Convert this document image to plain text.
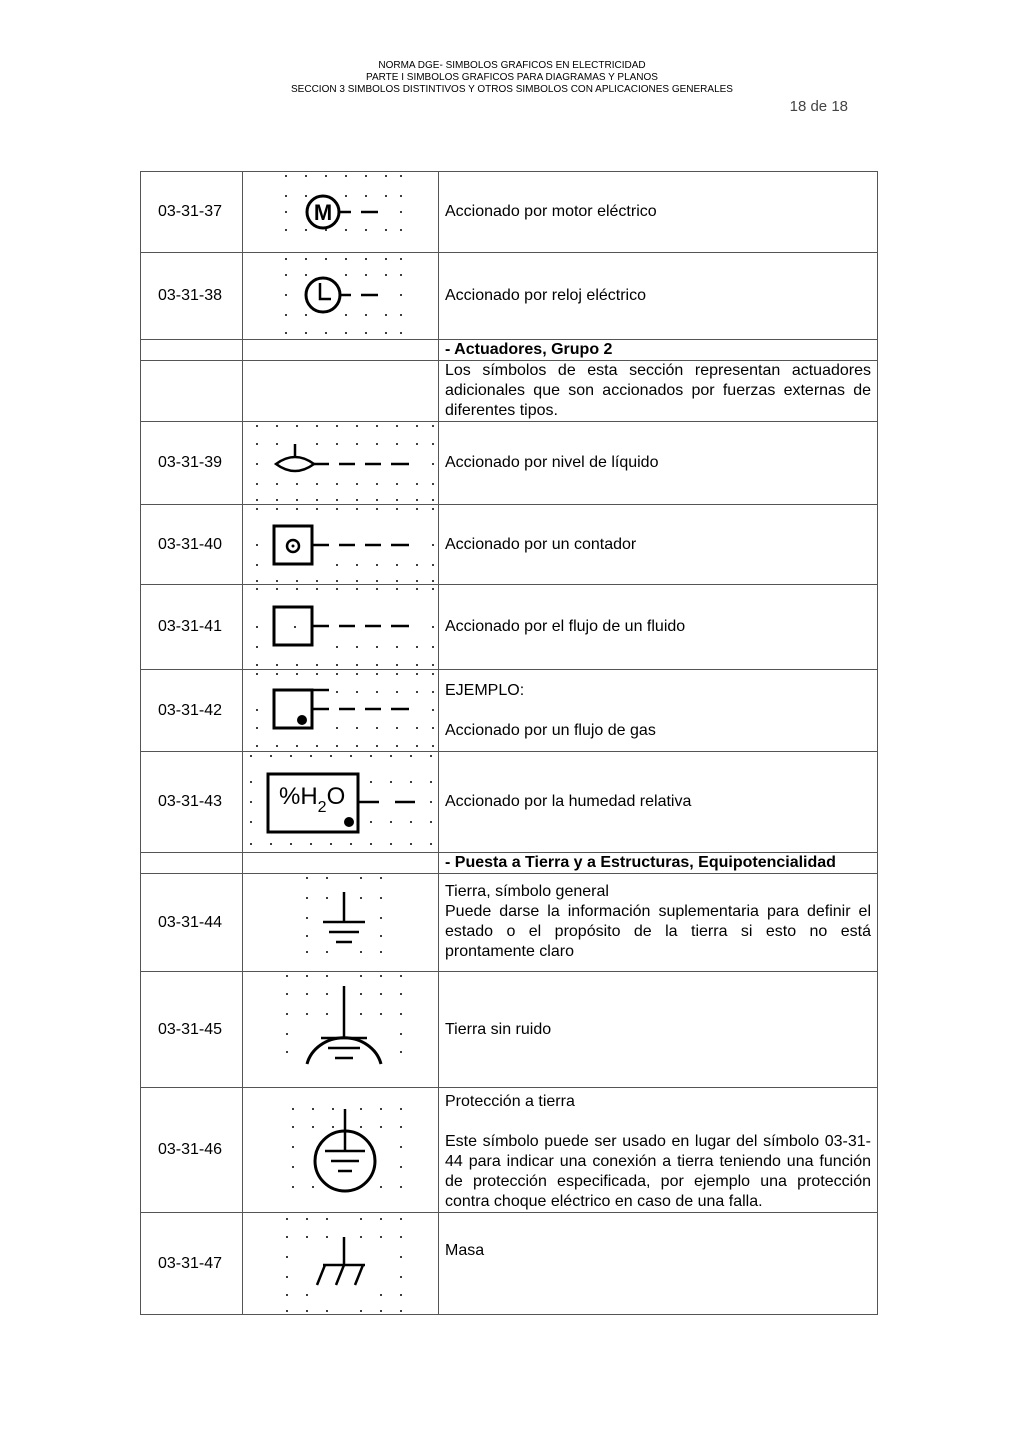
NORMA DGE- SIMBOLOS GRAFICOS EN ELECTRICIDAD
PARTE I SIMBOLOS GRAFICOS PARA DIAGRAMAS Y PLANOS
SECCION 3 SIMBOLOS DISTINTIVOS Y OTROS SIMBOLOS CON APLICACIONES GENERALES
18 de 18
03-31-37	M	Accionado por motor eléctrico
03-31-38		Accionado por reloj eléctrico
		- Actuadores, Grupo 2
		Los símbolos de esta sección representan actuadores adicionales que son accionados por fuerzas externas de diferentes tipos.
03-31-39		Accionado por nivel de líquido
03-31-40		Accionado por un contador
03-31-41		Accionado por el flujo de un fluido
03-31-42		EJEMPLO:

Accionado por un flujo de gas

03-31-43	$\%H_2O$	Accionado por la humedad relativa
		- Puesta a Tierra y a Estructuras, Equipotencialidad
03-31-44		Tierra, símbolo general

Puede darse la información suplementaria para definir el estado o el propósito de la tierra si esto no está prontamente claro

03-31-45		Tierra sin ruido
03-31-46		Protección a tierra

Este símbolo puede ser usado en lugar del símbolo 03-31-44 para indicar una conexión a tierra teniendo una función de protección especificada, por ejemplo una protección contra choque eléctrico en caso de una falla.

03-31-47		Masa
